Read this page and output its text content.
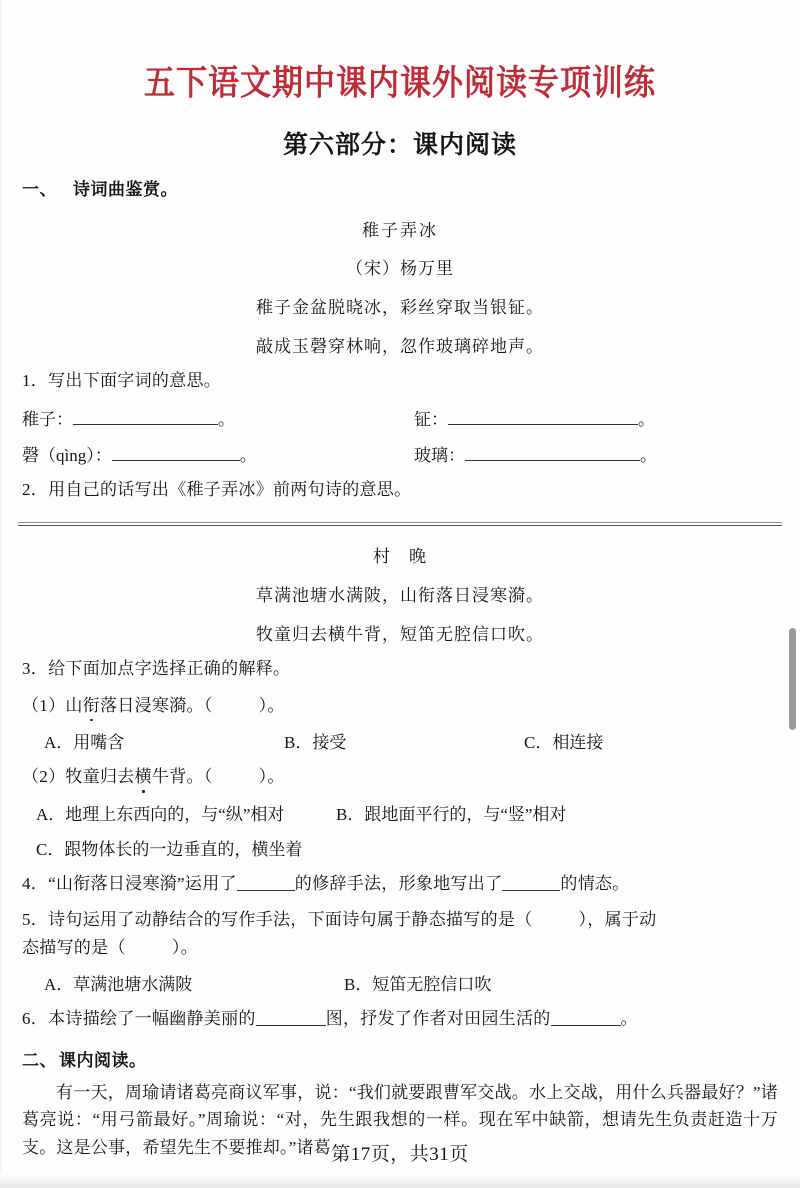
五下语文期中课内课外阅读专项训练
第六部分：课内阅读
一、 诗词曲鉴赏。
稚子弄冰
（宋）杨万里
稚子金盆脱晓冰，彩丝穿取当银钲。
敲成玉磬穿林响，忽作玻璃碎地声。
1．写出下面字词的意思。
稚子：	。	钲：	。
磬（qìng）：	。	玻璃：	。
2．用自己的话写出《稚子弄冰》前两句诗的意思。
村　晚
草满池塘水满陂，山衔落日浸寒漪。
牧童归去横牛背，短笛无腔信口吹。
3．给下面加点字选择正确的解释。
（1）山衔落日浸寒漪。（	）。
A．用嘴含	B．接受	C．相连接
（2）牧童归去横牛背。（	）。
A．地理上东西向的，与“纵”相对	B．跟地面平行的，与“竖”相对
C．跟物体长的一边垂直的，横坐着
4．“山衔落日浸寒漪”运用了	的修辞手法，形象地写出了	的情态。
5．诗句运用了动静结合的写作手法，下面诗句属于静态描写的是（	），属于动
态描写的是（	）。
A．草满池塘水满陂	B．短笛无腔信口吹
6．本诗描绘了一幅幽静美丽的	图，抒发了作者对田园生活的	。
二、 课内阅读。
有一天，周瑜请诸葛亮商议军事，说：“我们就要跟曹军交战。水上交战，用什么兵器最好？”诸葛亮说：“用弓箭最好。”周瑜说：“对，先生跟我想的一样。现在军中缺箭，想请先生负责赶造十万支。这是公事，希望先生不要推却。”诸葛 第17页，共31页
